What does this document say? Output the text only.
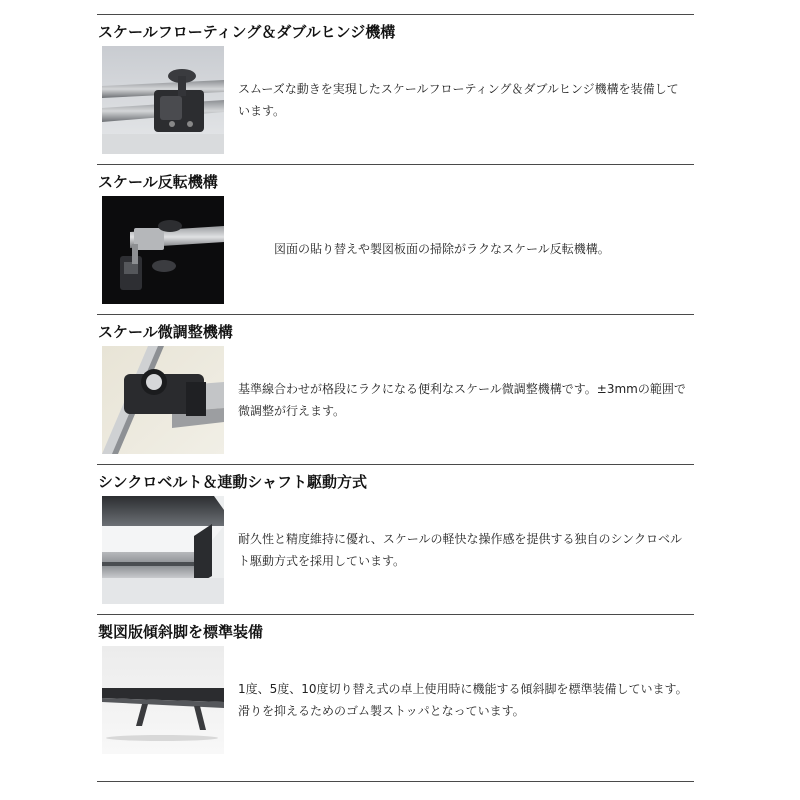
スケールフローティング＆ダブルヒンジ機構
スムーズな動きを実現したスケールフローティング＆ダブルヒンジ機構を装備しています。
スケール反転機構
図面の貼り替えや製図板面の掃除がラクなスケール反転機構。
スケール微調整機構
基準線合わせが格段にラクになる便利なスケール微調整機構です。±3mmの範囲で微調整が行えます。
シンクロベルト＆連動シャフト駆動方式
耐久性と精度維持に優れ、スケールの軽快な操作感を提供する独自のシンクロベルト駆動方式を採用しています。
製図版傾斜脚を標準装備
1度、5度、10度切り替え式の卓上使用時に機能する傾斜脚を標準装備しています。滑りを抑えるためのゴム製ストッパとなっています。
